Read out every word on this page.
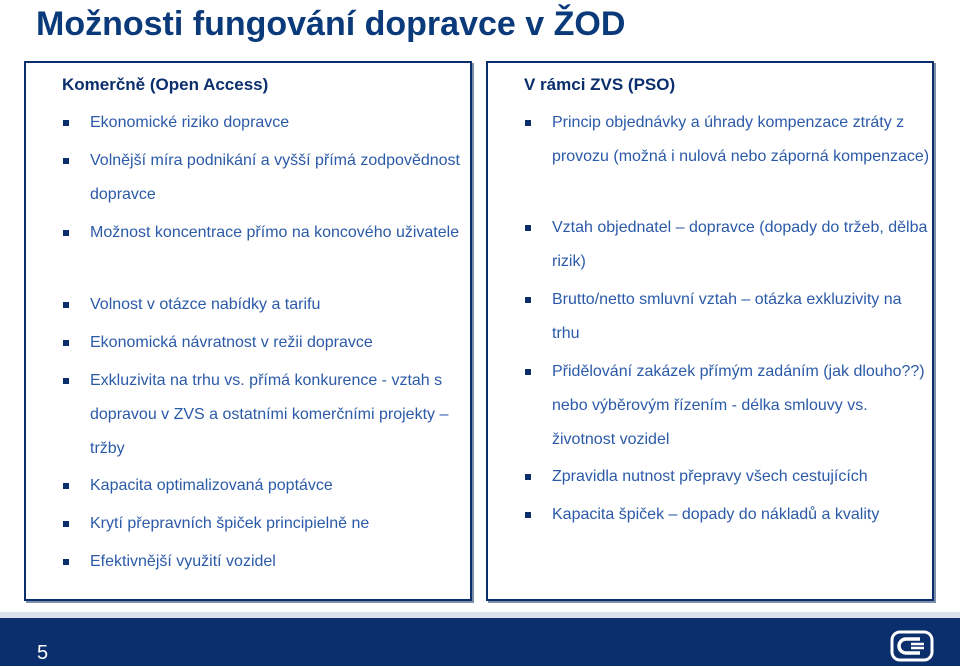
Možnosti fungování dopravce v ŽOD
Komerčně (Open Access)
Ekonomické riziko dopravce
Volnější míra podnikání a vyšší přímá zodpovědnost dopravce
Možnost koncentrace přímo na koncového uživatele
Volnost v otázce nabídky a tarifu
Ekonomická návratnost v režii dopravce
Exkluzivita na trhu vs. přímá konkurence - vztah s dopravou v ZVS a ostatními komerčními projekty – tržby
Kapacita optimalizovaná poptávce
Krytí přepravních špiček principielně ne
Efektivnější využití vozidel
V rámci ZVS (PSO)
Princip objednávky a úhrady kompenzace ztráty z provozu (možná i nulová nebo záporná kompenzace)
Vztah objednatel – dopravce (dopady do tržeb, dělba rizik)
Brutto/netto smluvní vztah – otázka exkluzivity na trhu
Přidělování zakázek přímým zadáním (jak dlouho??) nebo výběrovým řízením - délka smlouvy vs. životnost vozidel
Zpravidla nutnost přepravy všech cestujících
Kapacita špiček – dopady do nákladů a kvality
5
